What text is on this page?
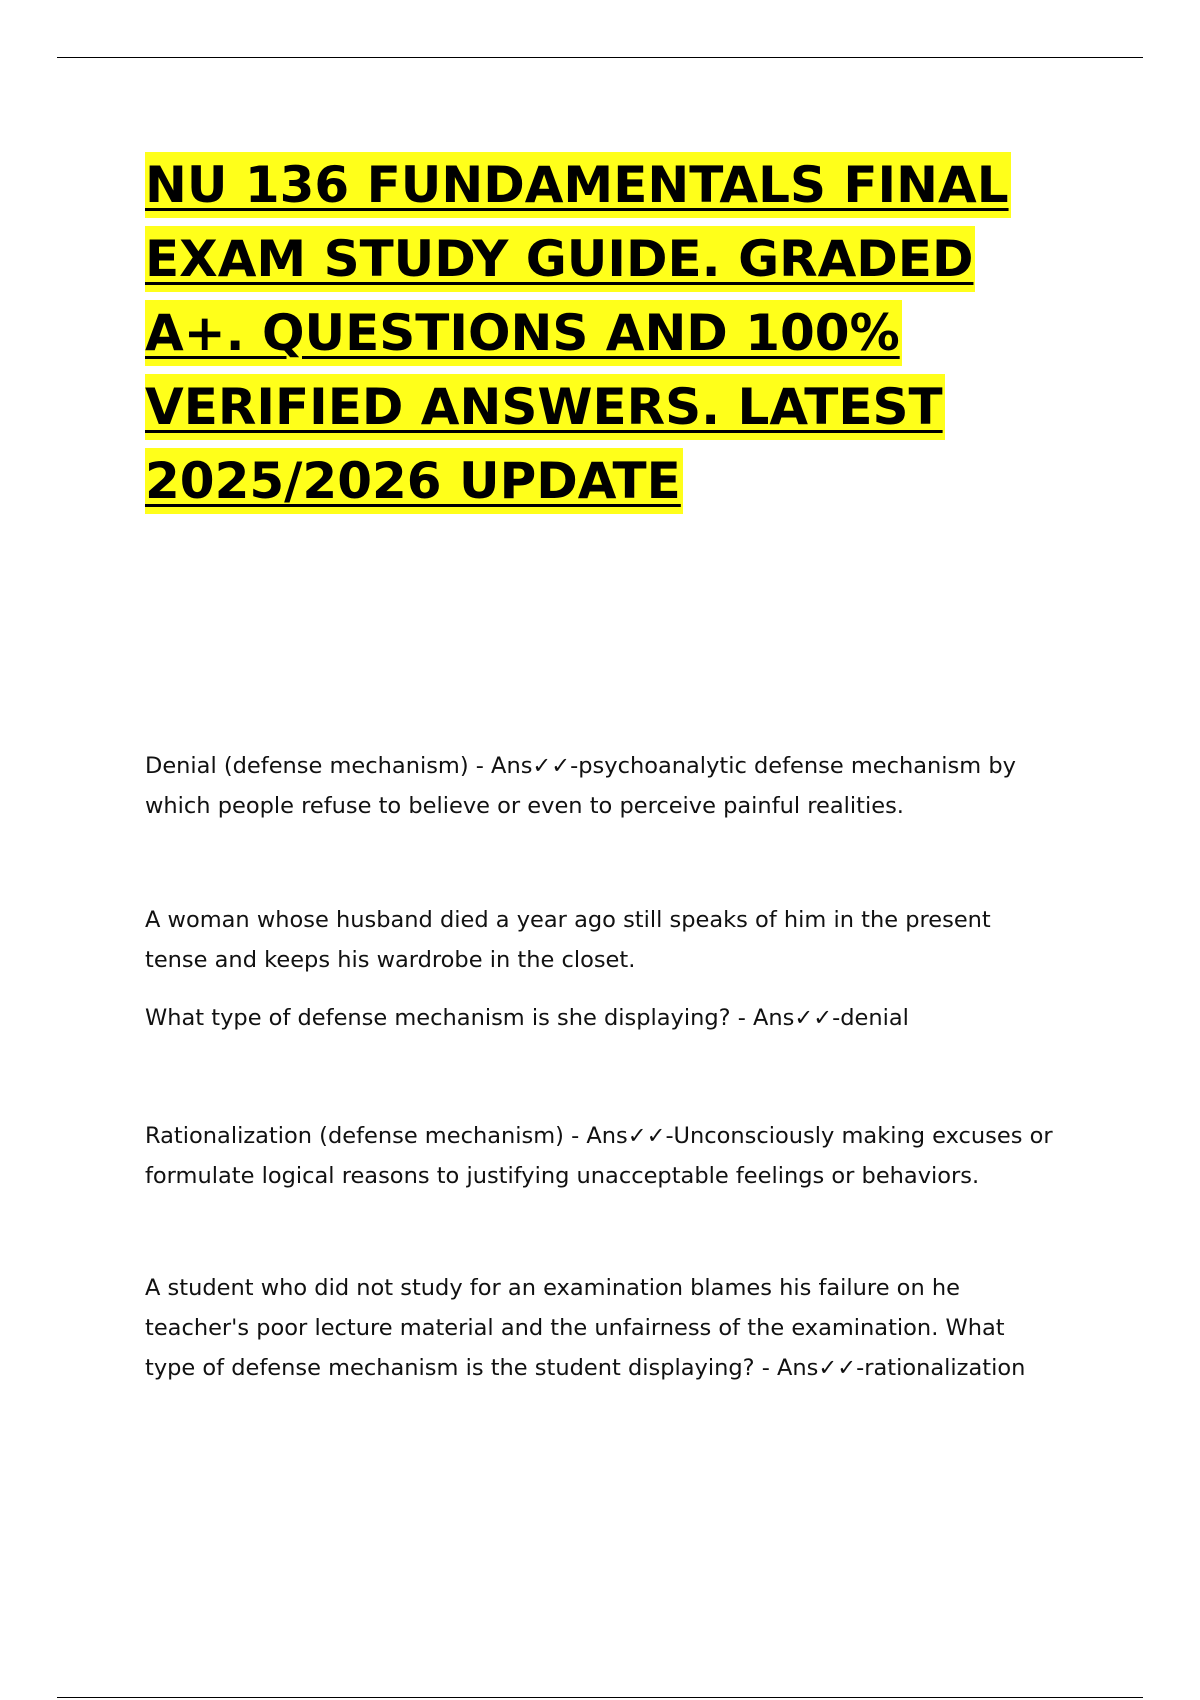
NU 136 FUNDAMENTALS FINAL EXAM STUDY GUIDE. GRADED A+. QUESTIONS AND 100% VERIFIED ANSWERS. LATEST 2025/2026 UPDATE

Denial (defense mechanism) - Ans✓✓-psychoanalytic defense mechanism by which people refuse to believe or even to perceive painful realities.

A woman whose husband died a year ago still speaks of him in the present tense and keeps his wardrobe in the closet.

What type of defense mechanism is she displaying? - Ans✓✓-denial

Rationalization (defense mechanism) - Ans✓✓-Unconsciously making excuses or formulate logical reasons to justifying unacceptable feelings or behaviors.

A student who did not study for an examination blames his failure on he teacher's poor lecture material and the unfairness of the examination. What type of defense mechanism is the student displaying? - Ans✓✓-rationalization
